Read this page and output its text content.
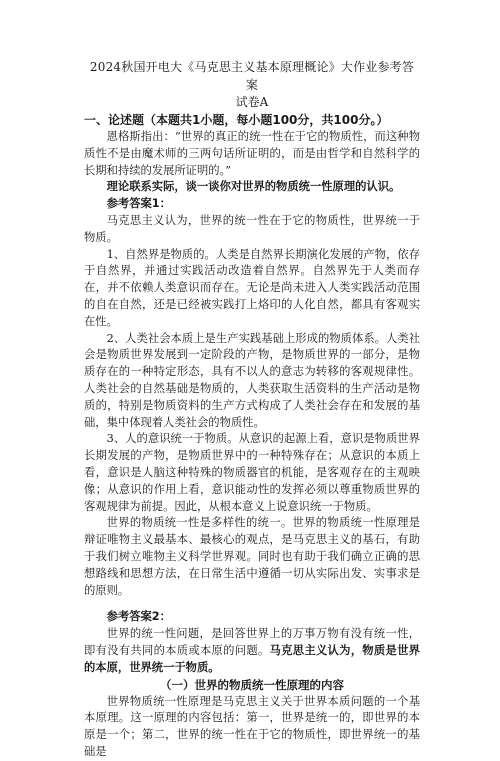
2024秋国开电大《马克思主义基本原理概论》大作业参考答案
试卷A
一、论述题（本题共1小题，每小题100分，共100分。）

恩格斯指出：“世界的真正的统一性在于它的物质性，而这种物质性不是由魔术师的三两句话所证明的，而是由哲学和自然科学的长期和持续的发展所证明的。”

理论联系实际，谈一谈你对世界的物质统一性原理的认识。

参考答案1：

马克思主义认为，世界的统一性在于它的物质性，世界统一于物质。

1、自然界是物质的。人类是自然界长期演化发展的产物，依存于自然界，并通过实践活动改造着自然界。自然界先于人类而存在，并不依赖人类意识而存在。无论是尚未进入人类实践活动范围的自在自然，还是已经被实践打上烙印的人化自然，都具有客观实在性。

2、人类社会本质上是生产实践基础上形成的物质体系。人类社会是物质世界发展到一定阶段的产物，是物质世界的一部分，是物质存在的一种特定形态，具有不以人的意志为转移的客观规律性。人类社会的自然基础是物质的，人类获取生活资料的生产活动是物质的，特别是物质资料的生产方式构成了人类社会存在和发展的基础，集中体现着人类社会的物质性。

3、人的意识统一于物质。从意识的起源上看，意识是物质世界长期发展的产物，是物质世界中的一种特殊存在；从意识的本质上看，意识是人脑这种特殊的物质器官的机能，是客观存在的主观映像；从意识的作用上看，意识能动性的发挥必须以尊重物质世界的客观规律为前提。因此，从根本意义上说意识统一于物质。

世界的物质统一性是多样性的统一。世界的物质统一性原理是辩证唯物主义最基本、最核心的观点，是马克思主义的基石，有助于我们树立唯物主义科学世界观。同时也有助于我们确立正确的思想路线和思想方法，在日常生活中遵循一切从实际出发、实事求是的原则。

参考答案2：

世界的统一性问题，是回答世界上的万事万物有没有统一性，即有没有共同的本质或本原的问题。马克思主义认为，物质是世界的本原，世界统一于物质。

（一）世界的物质统一性原理的内容

世界物质统一性原理是马克思主义关于世界本质问题的一个基本原理。这一原理的内容包括：第一，世界是统一的，即世界的本原是一个；第二，世界的统一性在于它的物质性，即世界统一的基础是
